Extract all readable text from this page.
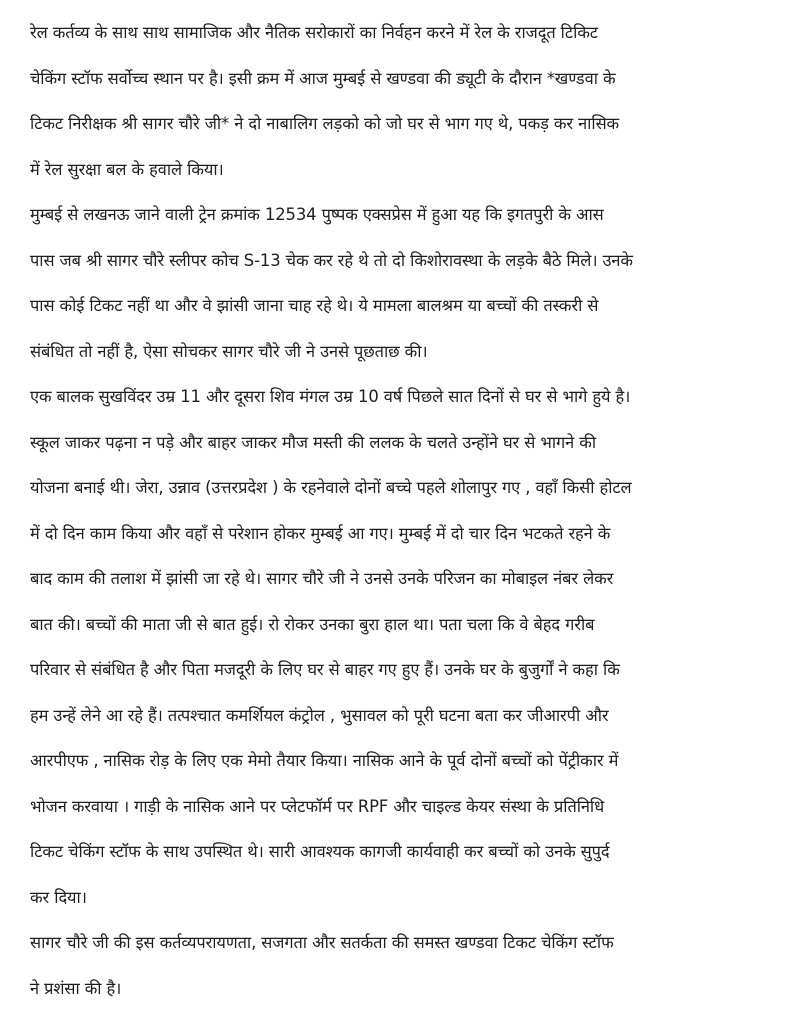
रेल कर्तव्य के साथ साथ सामाजिक और नैतिक सरोकारों का निर्वहन करने में रेल के राजदूत टिकिट
चेकिंग स्टॉफ सर्वोच्च स्थान पर है। इसी क्रम में आज मुम्बई से खण्डवा की ड्यूटी के दौरान *खण्डवा के
टिकट निरीक्षक श्री सागर चौरे जी* ने दो नाबालिग लड़को को जो घर से भाग गए थे, पकड़ कर नासिक
में रेल सुरक्षा बल के हवाले किया।
मुम्बई से लखनऊ जाने वाली ट्रेन क्रमांक 12534 पुष्पक एक्सप्रेस में हुआ यह कि इगतपुरी के आस
पास जब श्री सागर चौरे स्लीपर कोच S-13 चेक कर रहे थे तो दो किशोरावस्था के लड़के बैठे मिले। उनके
पास कोई टिकट नहीं था और वे झांसी जाना चाह रहे थे। ये मामला बालश्रम या बच्चों की तस्करी से
संबंधित तो नहीं है, ऐसा सोचकर सागर चौरे जी ने उनसे पूछताछ की।
एक बालक सुखविंदर उम्र 11 और दूसरा शिव मंगल उम्र 10 वर्ष पिछले सात दिनों से घर से भागे हुये है।
स्कूल जाकर पढ़ना न पड़े और बाहर जाकर मौज मस्ती की ललक के चलते उन्होंने घर से भागने की
योजना बनाई थी। जेरा, उन्नाव (उत्तरप्रदेश ) के रहनेवाले दोनों बच्चे पहले शोलापुर गए , वहाँ किसी होटल
में दो दिन काम किया और वहाँ से परेशान होकर मुम्बई आ गए। मुम्बई में दो चार दिन भटकते रहने के
बाद काम की तलाश में झांसी जा रहे थे। सागर चौरे जी ने उनसे उनके परिजन का मोबाइल नंबर लेकर
बात की। बच्चों की माता जी से बात हुई। रो रोकर उनका बुरा हाल था। पता चला कि वे बेहद गरीब
परिवार से संबंधित है और पिता मजदूरी के लिए घर से बाहर गए हुए हैं। उनके घर के बुजुर्गों ने कहा कि
हम उन्हें लेने आ रहे हैं। तत्पश्चात कमर्शियल कंट्रोल , भुसावल को पूरी घटना बता कर जीआरपी और
आरपीएफ , नासिक रोड़ के लिए एक मेमो तैयार किया। नासिक आने के पूर्व दोनों बच्चों को पेंट्रीकार में
भोजन करवाया । गाड़ी के नासिक आने पर प्लेटफॉर्म पर RPF और चाइल्ड केयर संस्था के प्रतिनिधि
टिकट चेकिंग स्टॉफ के साथ उपस्थित थे। सारी आवश्यक कागजी कार्यवाही कर बच्चों को उनके सुपुर्द
कर दिया।
सागर चौरे जी की इस कर्तव्यपरायणता, सजगता और सतर्कता की समस्त खण्डवा टिकट चेकिंग स्टॉफ
ने प्रशंसा की है।
